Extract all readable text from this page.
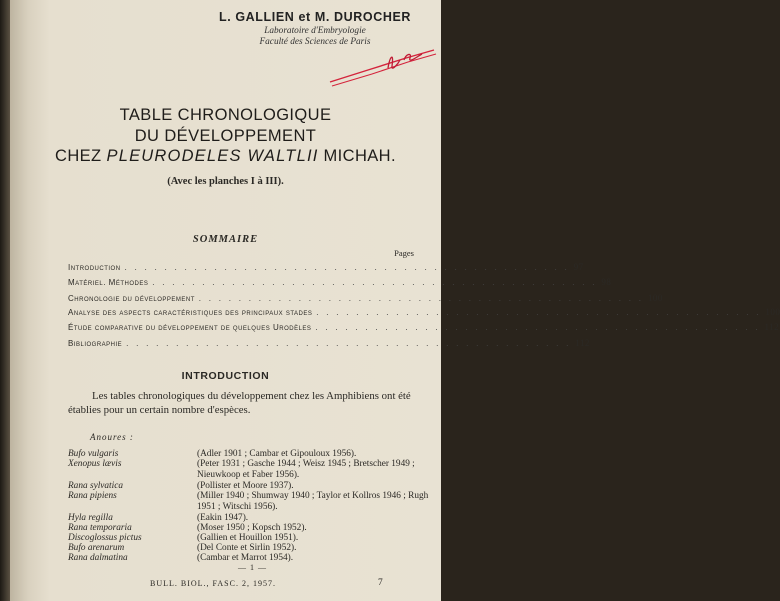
L. GALLIEN et M. DUROCHER
Laboratoire d'Embryologie
Faculté des Sciences de Paris
TABLE CHRONOLOGIQUE
DU DÉVELOPPEMENT
CHEZ PLEURODELES WALTLII MICHAH.
(Avec les planches I à III).
SOMMAIRE
Pages
Introduction . . . . . . . . . . . . . . . . . . . . . . . . . . . . . . . . . . . . . . . . . . . . . 97
Matériel. Méthodes . . . . . . . . . . . . . . . . . . . . . . . . . . . . . . . . . . . . . . . . . . . . . 98
Chronologie du développement . . . . . . . . . . . . . . . . . . . . . . . . . . . . . . . . . . . . . . . . . . . . . 100
Analyse des aspects caractéristiques des principaux stades . . . . . . . . . . . . . . . . . . . . . . . . . . . . . . . . . . . . . . . . . . . . . 100
Étude comparative du développement de quelques Urodèles . . . . . . . . . . . . . . . . . . . . . . . . . . . . . . . . . . . . . . . . . . . . . 112
Bibliographie . . . . . . . . . . . . . . . . . . . . . . . . . . . . . . . . . . . . . . . . . . . . . 112
INTRODUCTION
Les tables chronologiques du développement chez les Amphibiens ont été établies pour un certain nombre d'espèces.
Anoures :
Bufo vulgaris	(Adler 1901 ; Cambar et Gipouloux 1956).
Xenopus lævis	(Peter 1931 ; Gasche 1944 ; Weisz 1945 ; Bretscher 1949 ; Nieuwkoop et Faber 1956).
Rana sylvatica	(Pollister et Moore 1937).
Rana pipiens	(Miller 1940 ; Shumway 1940 ; Taylor et Kollros 1946 ; Rugh 1951 ; Witschi 1956).
Hyla regilla	(Eakin 1947).
Rana temporaria	(Moser 1950 ; Kopsch 1952).
Discoglossus pictus	(Gallien et Houillon 1951).
Bufo arenarum	(Del Conte et Sirlin 1952).
Rana dalmatina	(Cambar et Marrot 1954).
— 1 —
BULL. BIOL., FASC. 2, 1957.	7
